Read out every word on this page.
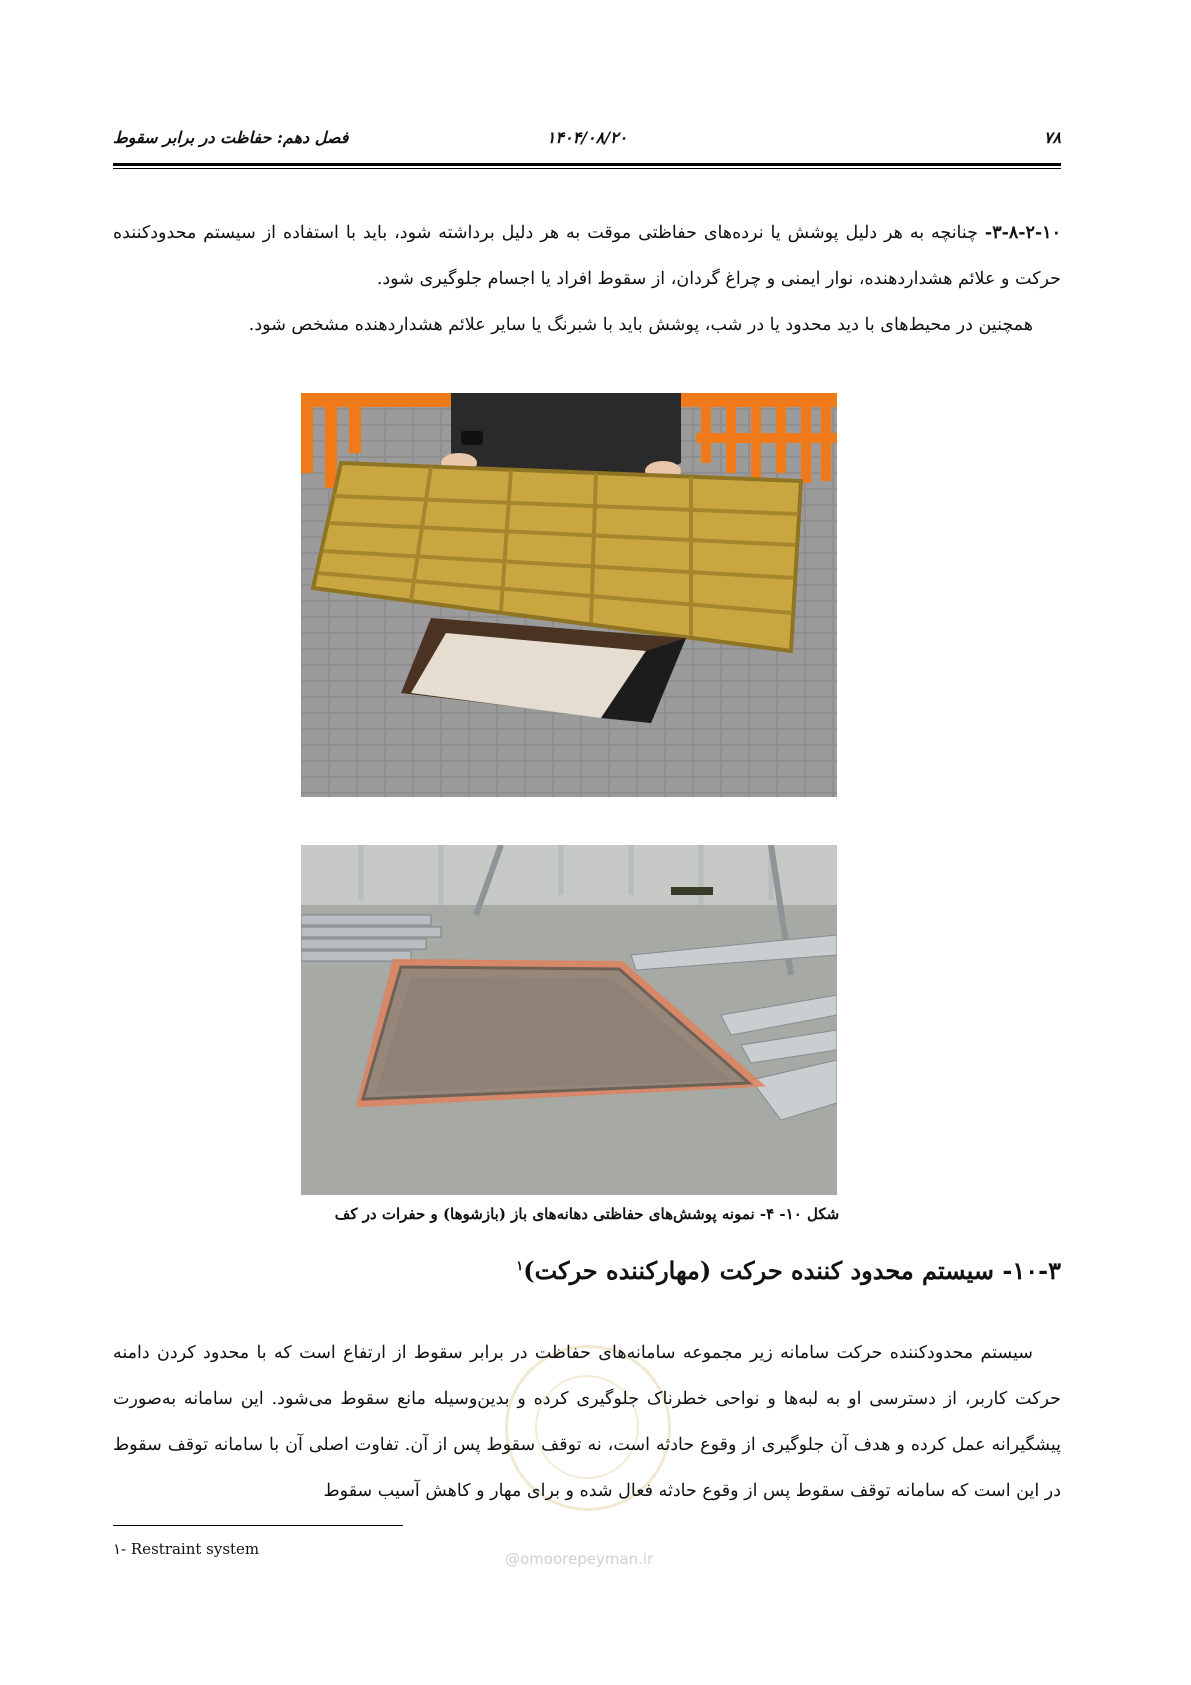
۷۸
۱۴۰۴/۰۸/۲۰
فصل دهم: حفاظت در برابر سقوط
۳-۸-۲-۱۰- چنانچه به هر دلیل پوشش یا نرده‌های حفاظتی موقت به هر دلیل برداشته شود، باید با استفاده از سیستم محدودکننده حرکت و علائم هشداردهنده، نوار ایمنی و چراغ گردان، از سقوط افراد یا اجسام جلوگیری شود.
همچنین در محیط‌های با دید محدود یا در شب، پوشش باید با شبرنگ یا سایر علائم هشداردهنده مشخص شود.
شکل ۱۰- ۴- نمونه پوشش‌های حفاظتی دهانه‌های باز (بازشوها) و حفرات در کف
۱۰-۳- سیستم محدود کننده حرکت (مهارکننده حرکت)$^۱$
سیستم محدودکننده حرکت سامانه زیر مجموعه سامانه‌های حفاظت در برابر سقوط از ارتفاع است که با محدود کردن دامنه حرکت کاربر، از دسترسی او به لبه‌ها و نواحی خطرناک جلوگیری کرده و بدین‌وسیله مانع سقوط می‌شود. این سامانه به‌صورت پیشگیرانه عمل کرده و هدف آن جلوگیری از وقوع حادثه است، نه توقف سقوط پس از آن. تفاوت اصلی آن با سامانه توقف سقوط در این است که سامانه توقف سقوط پس از وقوع حادثه فعال شده و برای مهار و کاهش آسیب سقوط
۱- Restraint system
@omoorepeyman.ir
